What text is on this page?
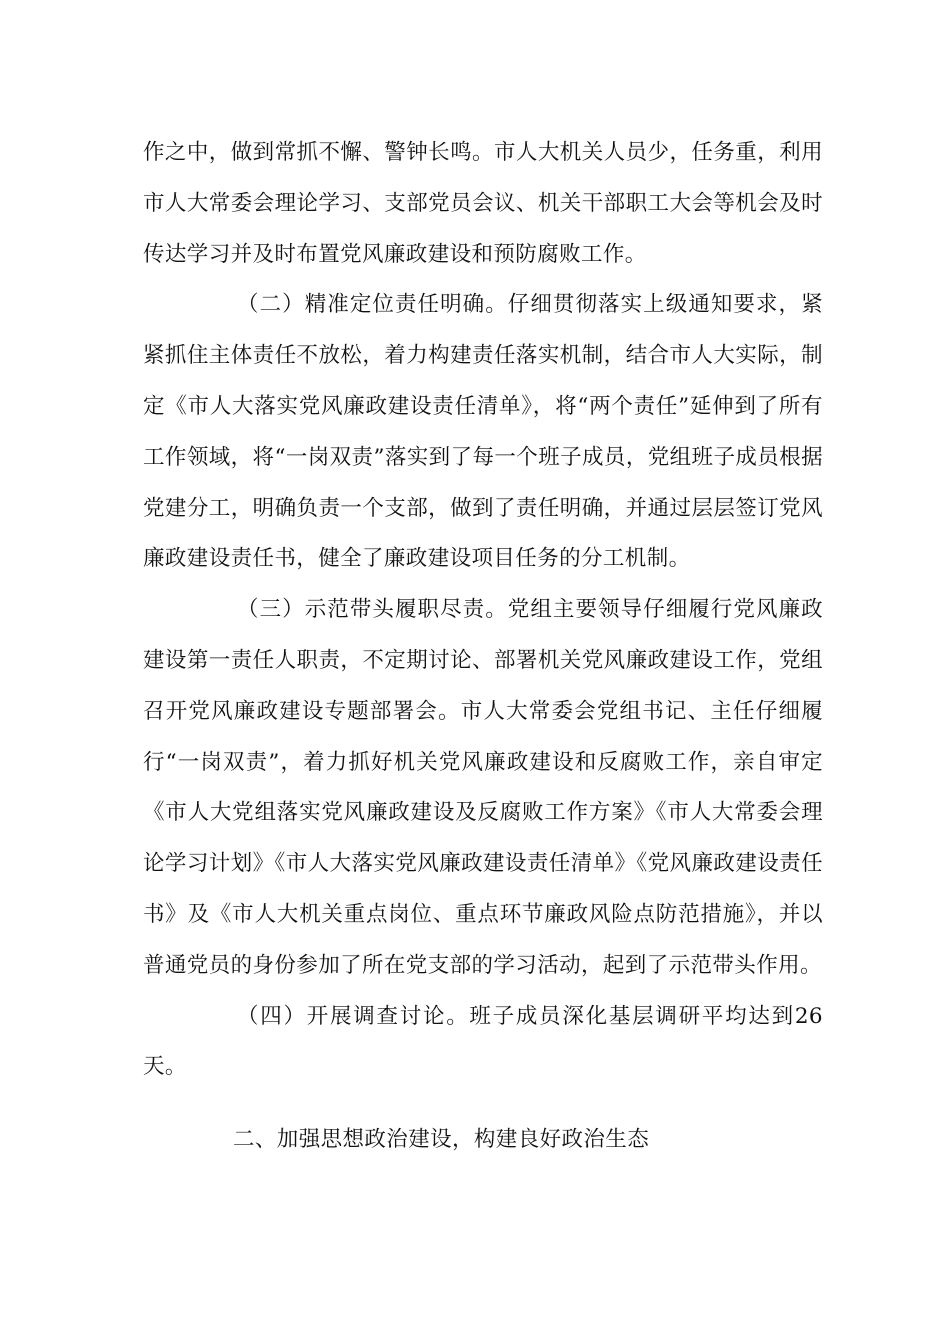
作之中，做到常抓不懈、警钟长鸣。市人大机关人员少，任务重，利用市人大常委会理论学习、支部党员会议、机关干部职工大会等机会及时传达学习并及时布置党风廉政建设和预防腐败工作。

（二）精准定位责任明确。仔细贯彻落实上级通知要求，紧紧抓住主体责任不放松，着力构建责任落实机制，结合市人大实际，制定《市人大落实党风廉政建设责任清单》，将“两个责任”延伸到了所有工作领域，将“一岗双责”落实到了每一个班子成员，党组班子成员根据党建分工，明确负责一个支部，做到了责任明确，并通过层层签订党风廉政建设责任书，健全了廉政建设项目任务的分工机制。

（三）示范带头履职尽责。党组主要领导仔细履行党风廉政建设第一责任人职责，不定期讨论、部署机关党风廉政建设工作，党组召开党风廉政建设专题部署会。市人大常委会党组书记、主任仔细履行“一岗双责”，着力抓好机关党风廉政建设和反腐败工作，亲自审定《市人大党组落实党风廉政建设及反腐败工作方案》《市人大常委会理论学习计划》《市人大落实党风廉政建设责任清单》《党风廉政建设责任书》及《市人大机关重点岗位、重点环节廉政风险点防范措施》，并以普通党员的身份参加了所在党支部的学习活动，起到了示范带头作用。

（四）开展调查讨论。班子成员深化基层调研平均达到26天。

二、加强思想政治建设，构建良好政治生态
